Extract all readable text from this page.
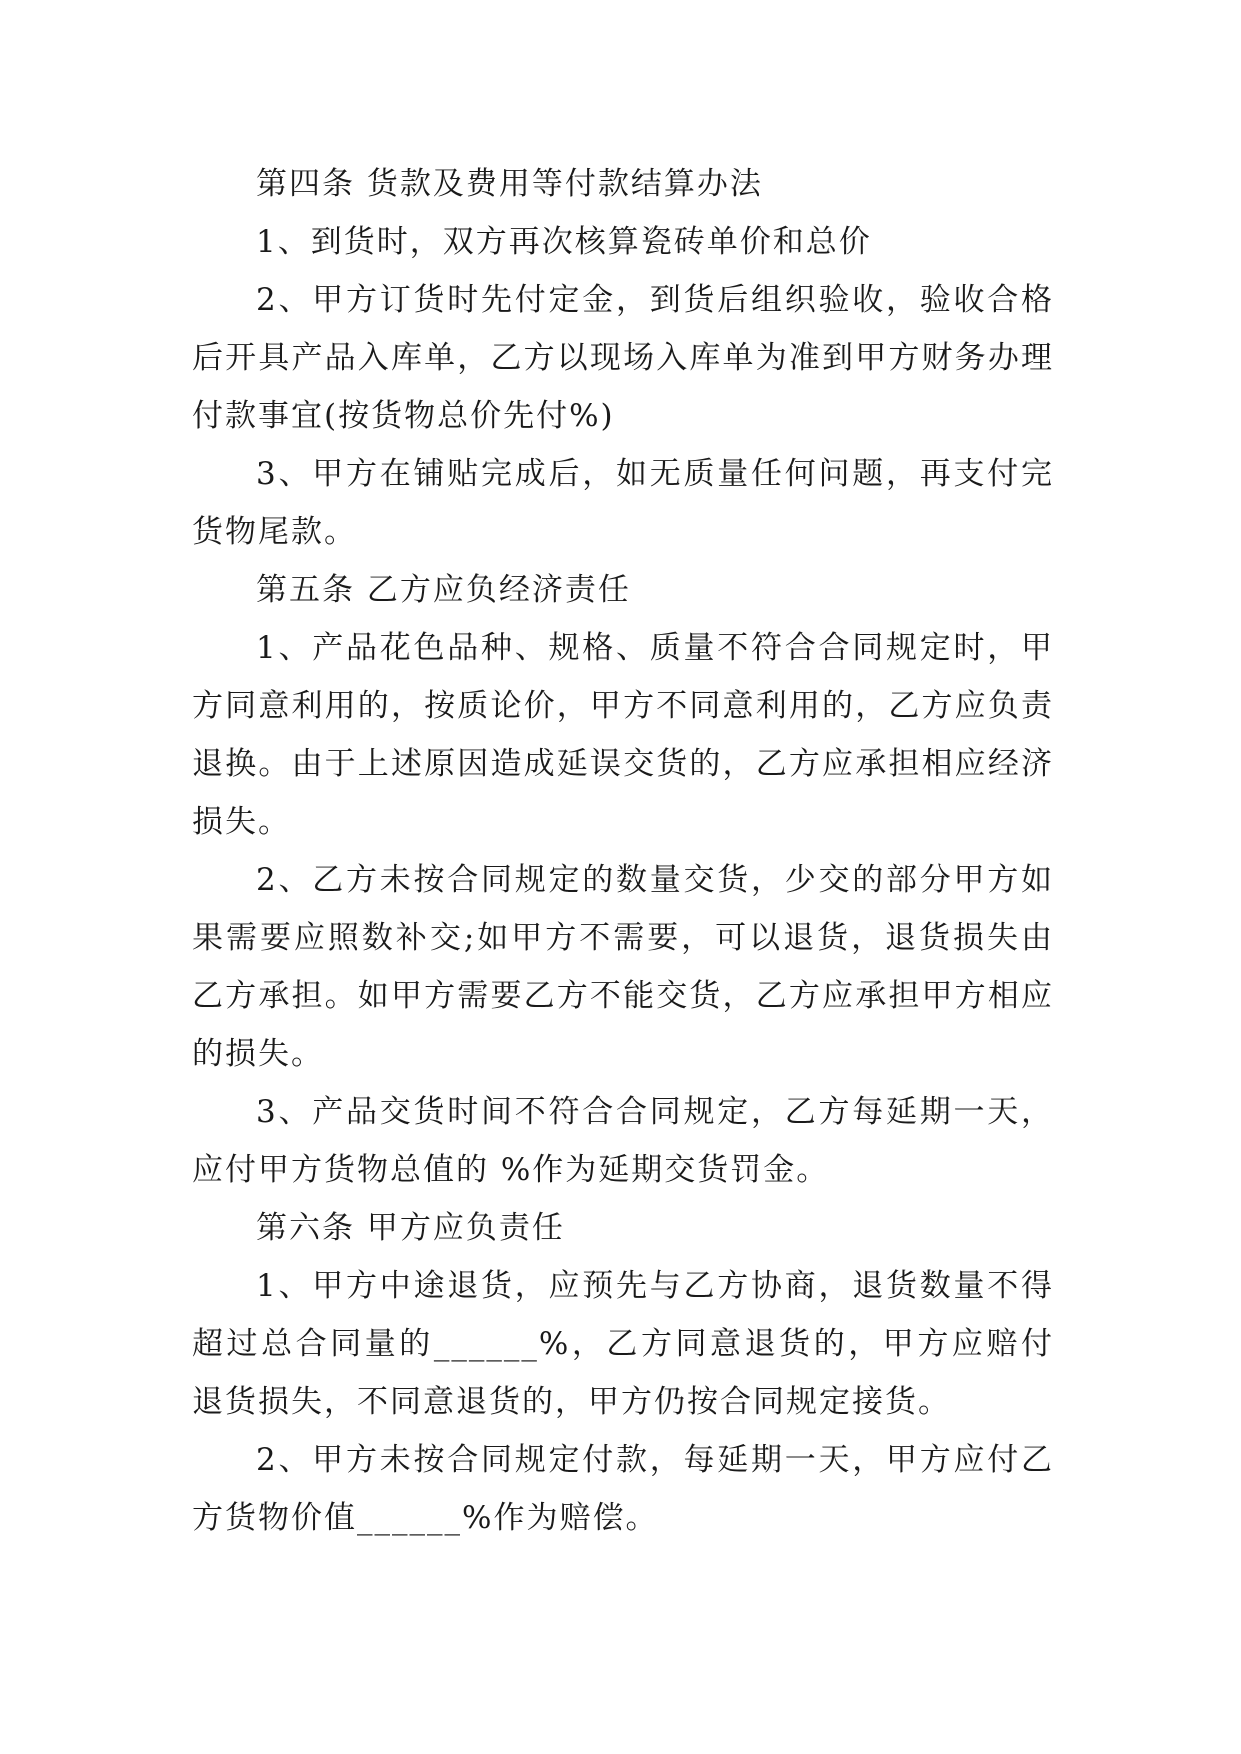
第四条 货款及费用等付款结算办法

1、到货时，双方再次核算瓷砖单价和总价

2、甲方订货时先付定金，到货后组织验收，验收合格后开具产品入库单，乙方以现场入库单为准到甲方财务办理付款事宜(按货物总价先付%)

3、甲方在铺贴完成后，如无质量任何问题，再支付完货物尾款。

第五条 乙方应负经济责任

1、产品花色品种、规格、质量不符合合同规定时，甲方同意利用的，按质论价，甲方不同意利用的，乙方应负责退换。由于上述原因造成延误交货的，乙方应承担相应经济损失。

2、乙方未按合同规定的数量交货，少交的部分甲方如果需要应照数补交;如甲方不需要，可以退货，退货损失由乙方承担。如甲方需要乙方不能交货，乙方应承担甲方相应的损失。

3、产品交货时间不符合合同规定，乙方每延期一天，应付甲方货物总值的 %作为延期交货罚金。

第六条 甲方应负责任

1、甲方中途退货，应预先与乙方协商，退货数量不得超过总合同量的______%，乙方同意退货的，甲方应赔付退货损失，不同意退货的，甲方仍按合同规定接货。

2、甲方未按合同规定付款，每延期一天，甲方应付乙方货物价值______%作为赔偿。
